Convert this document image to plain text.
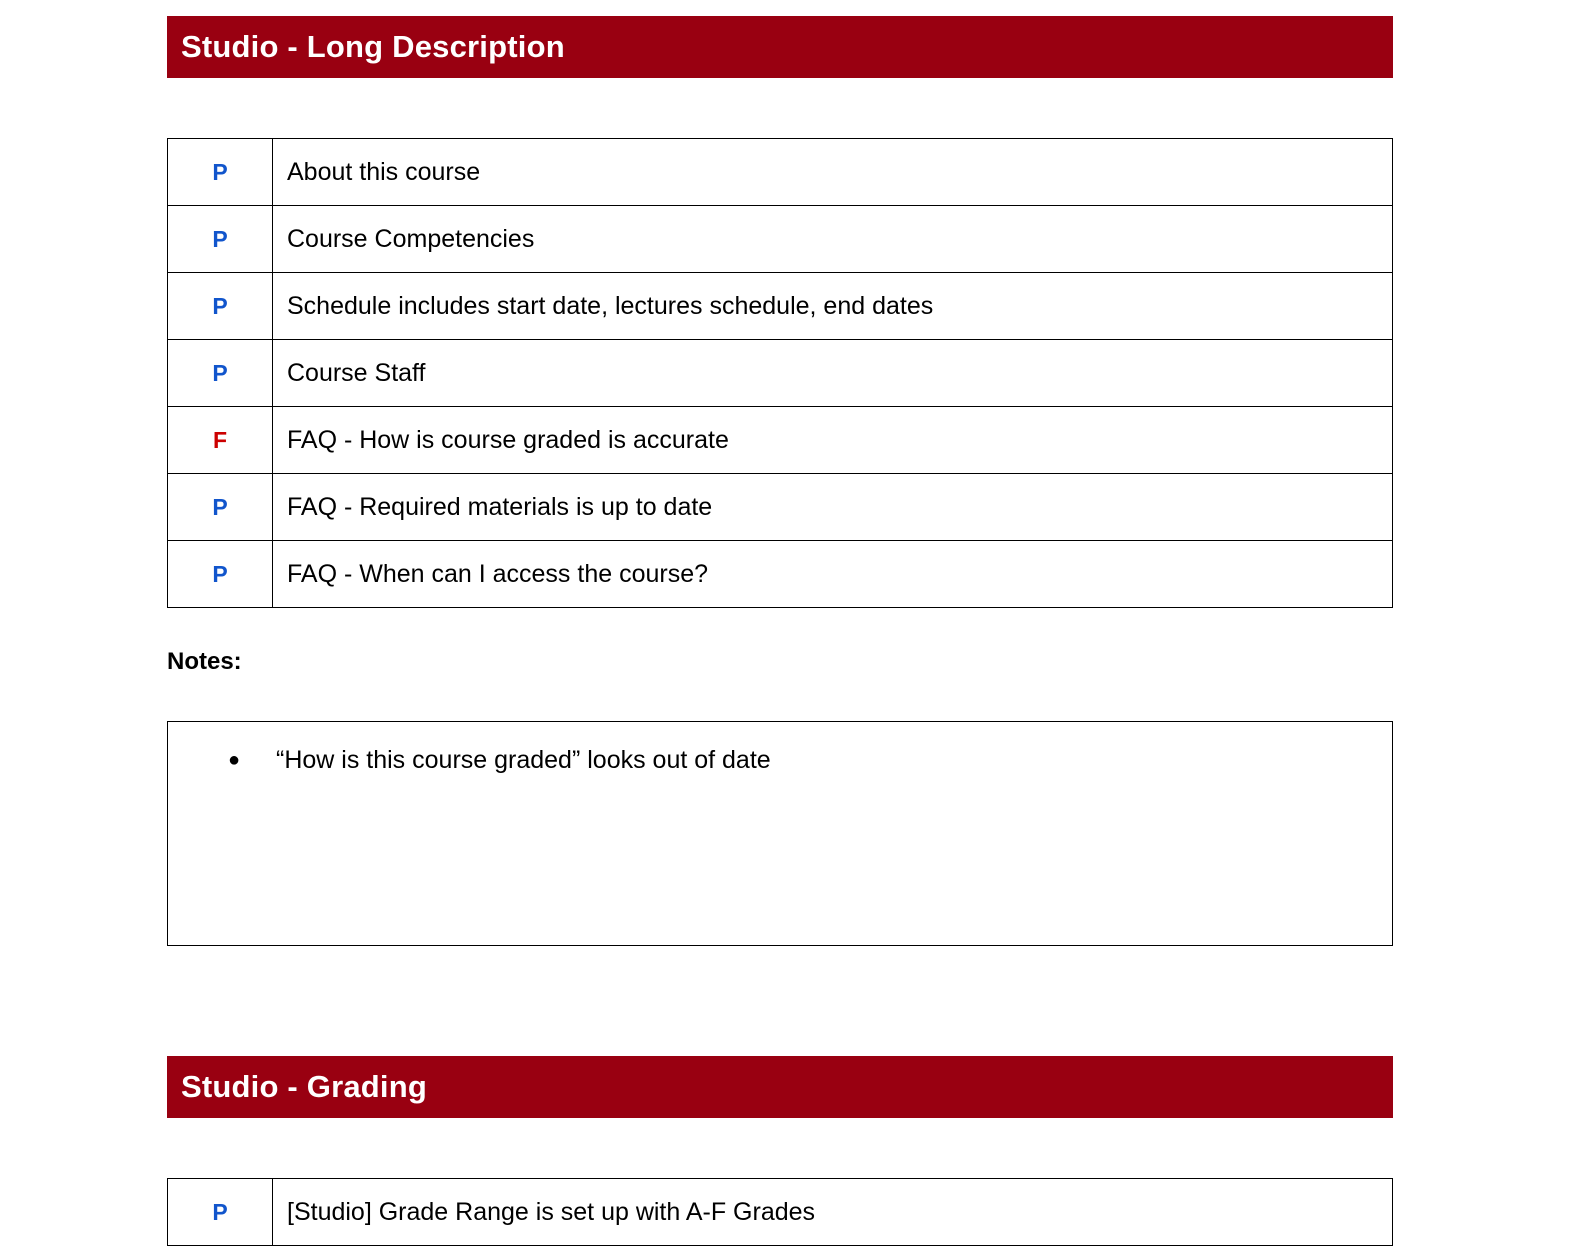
Studio - Long Description
P	About this course
P	Course Competencies
P	Schedule includes start date, lectures schedule, end dates
P	Course Staff
F	FAQ - How is course graded is accurate
P	FAQ - Required materials is up to date
P	FAQ - When can I access the course?
Notes:
● “How is this course graded” looks out of date
Studio - Grading
P	[Studio] Grade Range is set up with A-F Grades
